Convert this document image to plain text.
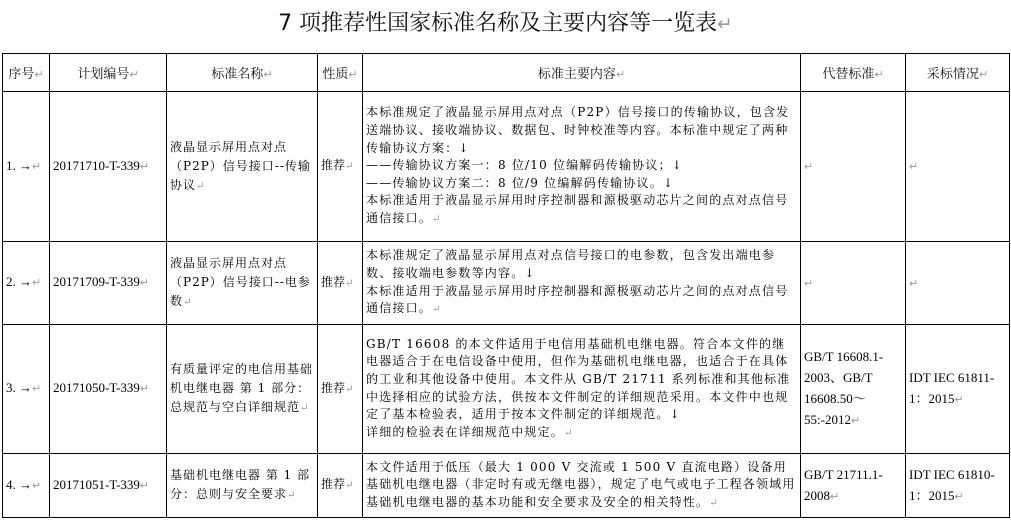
7 项推荐性国家标准名称及主要内容等一览表↵
序号↵	计划编号↵	标准名称↵	性质↵	标准主要内容↵	代替标准↵	采标情况↵
1. →↵	20171710-T-339↵	液晶显示屏用点对点（P2P）信号接口--传输协议↵	推荐↵	本标准规定了液晶显示屏用点对点（P2P）信号接口的传输协议，包含发送端协议、接收端协议、数据包、时钟校准等内容。本标准中规定了两种传输协议方案：↓
——传输协议方案一：8 位/10 位编解码传输协议；↓
——传输协议方案二：8 位/9 位编解码传输协议。↓
本标准适用于液晶显示屏用时序控制器和源极驱动芯片之间的点对点信号通信接口。↵	↵	↵
2. →↵	20171709-T-339↵	液晶显示屏用点对点（P2P）信号接口--电参数↵	推荐↵	本标准规定了液晶显示屏用点对点信号接口的电参数，包含发出端电参数、接收端电参数等内容。↓
本标准适用于液晶显示屏用时序控制器和源极驱动芯片之间的点对点信号通信接口。↵	↵	↵
3. →↵	20171050-T-339↵	有质量评定的电信用基础机电继电器 第 1 部分：总规范与空白详细规范↵	推荐↵	GB/T 16608 的本文件适用于电信用基础机电继电器。符合本文件的继电器适合于在电信设备中使用，但作为基础机电继电器，也适合于在具体的工业和其他设备中使用。本文件从 GB/T 21711 系列标准和其他标准中选择相应的试验方法，供按本文件制定的详细规范采用。本文件中也规定了基本检验表，适用于按本文件制定的详细规范。↓
详细的检验表在详细规范中规定。↵	GB/T 16608.1-2003、GB/T 16608.50～55:-2012↵	IDT IEC 61811-1：2015↵
4. →↵	20171051-T-339↵	基础机电继电器 第 1 部分：总则与安全要求↵	推荐↵	本文件适用于低压（最大 1 000 V 交流或 1 500 V 直流电路）设备用基础机电继电器（非定时有或无继电器），规定了电气或电子工程各领域用基础机电继电器的基本功能和安全要求及安全的相关特性。↵	GB/T 21711.1-2008↵	IDT IEC 61810-1：2015↵
